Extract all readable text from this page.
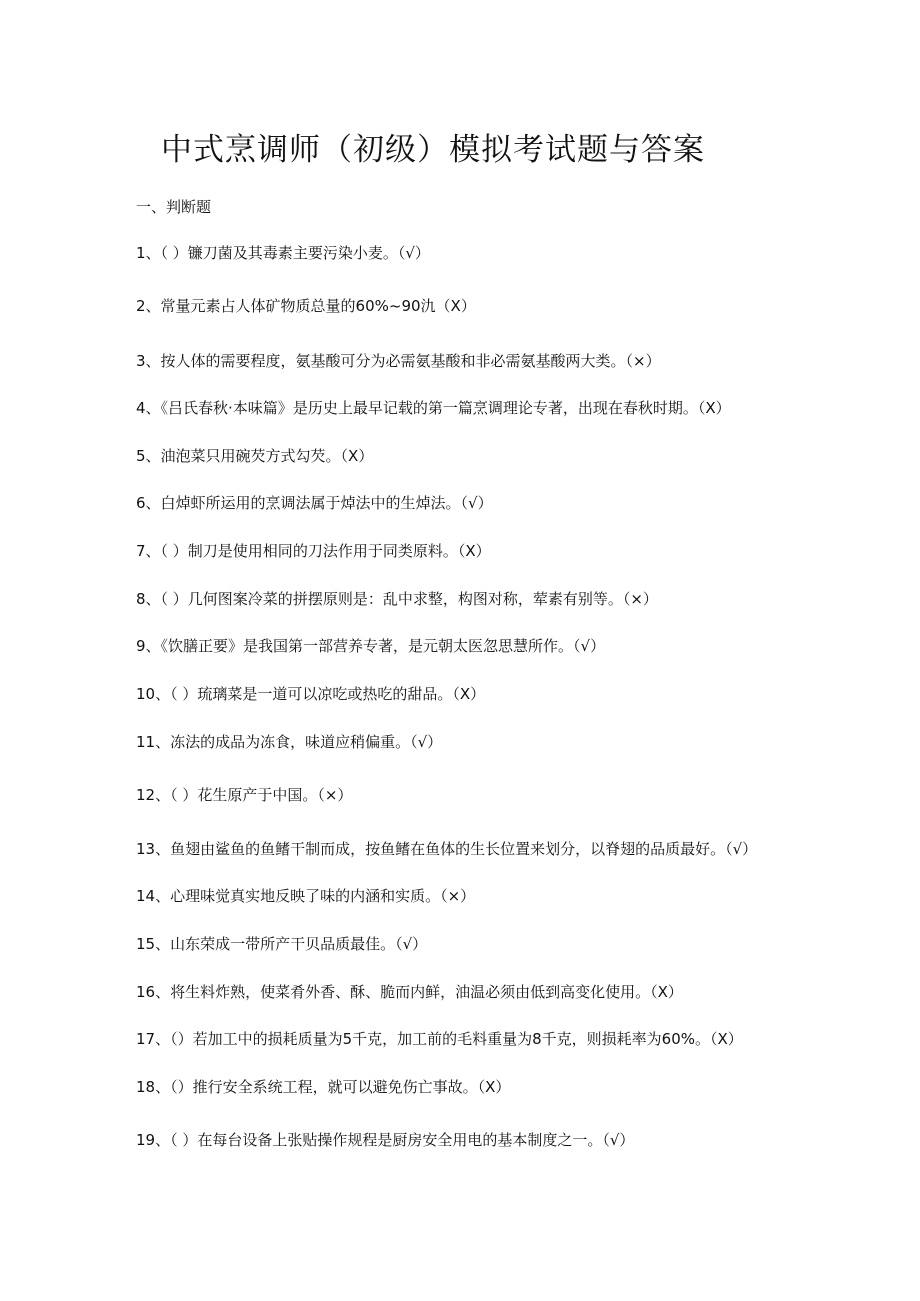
中式烹调师（初级）模拟考试题与答案
一、判断题
1、（ ）镰刀菌及其毒素主要污染小麦。（√）
2、常量元素占人体矿物质总量的60%~90氿（X）
3、按人体的需要程度，氨基酸可分为必需氨基酸和非必需氨基酸两大类。（×）
4、《吕氏春秋·本味篇》是历史上最早记载的第一篇烹调理论专著，出现在春秋时期。（X）
5、油泡菜只用碗芡方式勾芡。（X）
6、白焯虾所运用的烹调法属于焯法中的生焯法。（√）
7、（ ）制刀是使用相同的刀法作用于同类原料。（X）
8、（ ）几何图案冷菜的拼摆原则是：乱中求整，构图对称，荤素有别等。（×）
9、《饮膳正要》是我国第一部营养专著，是元朝太医忽思慧所作。（√）
10、（ ）琉璃菜是一道可以凉吃或热吃的甜品。（X）
11、冻法的成品为冻食，味道应稍偏重。（√）
12、（ ）花生原产于中国。（×）
13、鱼翅由鲨鱼的鱼鳍干制而成，按鱼鳍在鱼体的生长位置来划分，以脊翅的品质最好。（√）
14、心理味觉真实地反映了味的内涵和实质。（×）
15、山东荣成一带所产干贝品质最佳。（√）
16、将生料炸熟，使菜肴外香、酥、脆而内鲜，油温必须由低到高变化使用。（X）
17、（）若加工中的损耗质量为5千克，加工前的毛料重量为8千克，则损耗率为60%。（X）
18、（）推行安全系统工程，就可以避免伤亡事故。（X）
19、（ ）在每台设备上张贴操作规程是厨房安全用电的基本制度之一。（√）
